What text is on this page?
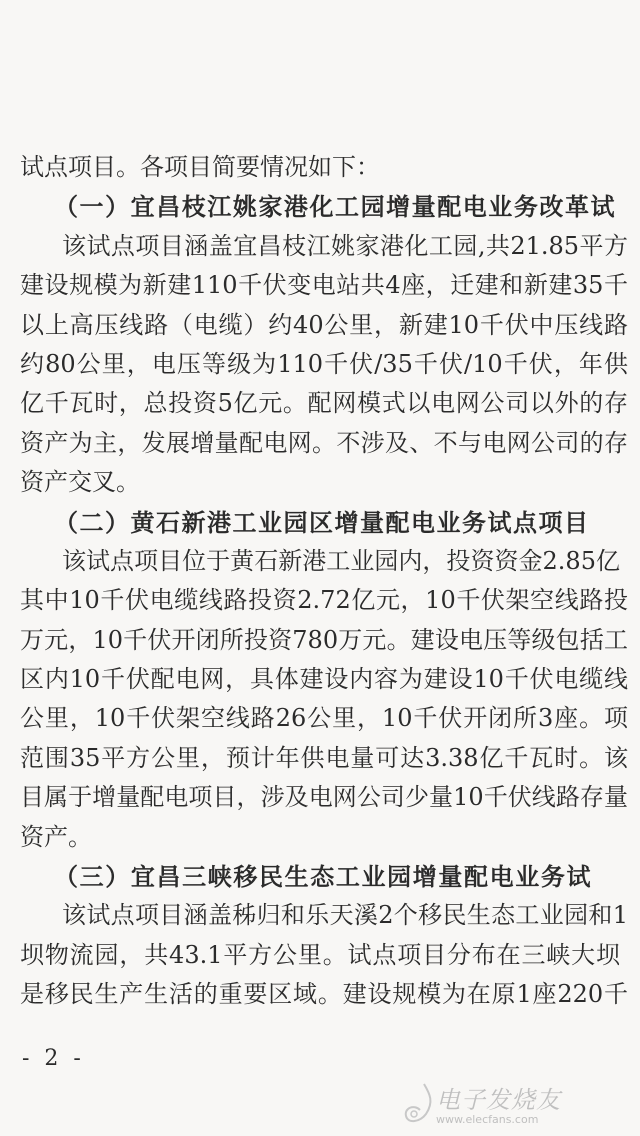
试点项目。各项目简要情况如下：
（一）宜昌枝江姚家港化工园增量配电业务改革试
该试点项目涵盖宜昌枝江姚家港化工园,共21.85平方
建设规模为新建110千伏变电站共4座，迁建和新建35千
以上高压线路（电缆）约40公里，新建10千伏中压线路
约80公里，电压等级为110千伏/35千伏/10千伏，年供
亿千瓦时，总投资5亿元。配网模式以电网公司以外的存
资产为主，发展增量配电网。不涉及、不与电网公司的存
资产交叉。
（二）黄石新港工业园区增量配电业务试点项目
该试点项目位于黄石新港工业园内，投资资金2.85亿
其中10千伏电缆线路投资2.72亿元，10千伏架空线路投
万元，10千伏开闭所投资780万元。建设电压等级包括工
区内10千伏配电网，具体建设内容为建设10千伏电缆线
公里，10千伏架空线路26公里，10千伏开闭所3座。项
范围35平方公里，预计年供电量可达3.38亿千瓦时。该
目属于增量配电项目，涉及电网公司少量10千伏线路存量
资产。
（三）宜昌三峡移民生态工业园增量配电业务试
该试点项目涵盖秭归和乐天溪2个移民生态工业园和1
坝物流园，共43.1平方公里。试点项目分布在三峡大坝
是移民生产生活的重要区域。建设规模为在原1座220千
- 2 -
电子发烧友
www.elecfans.com
